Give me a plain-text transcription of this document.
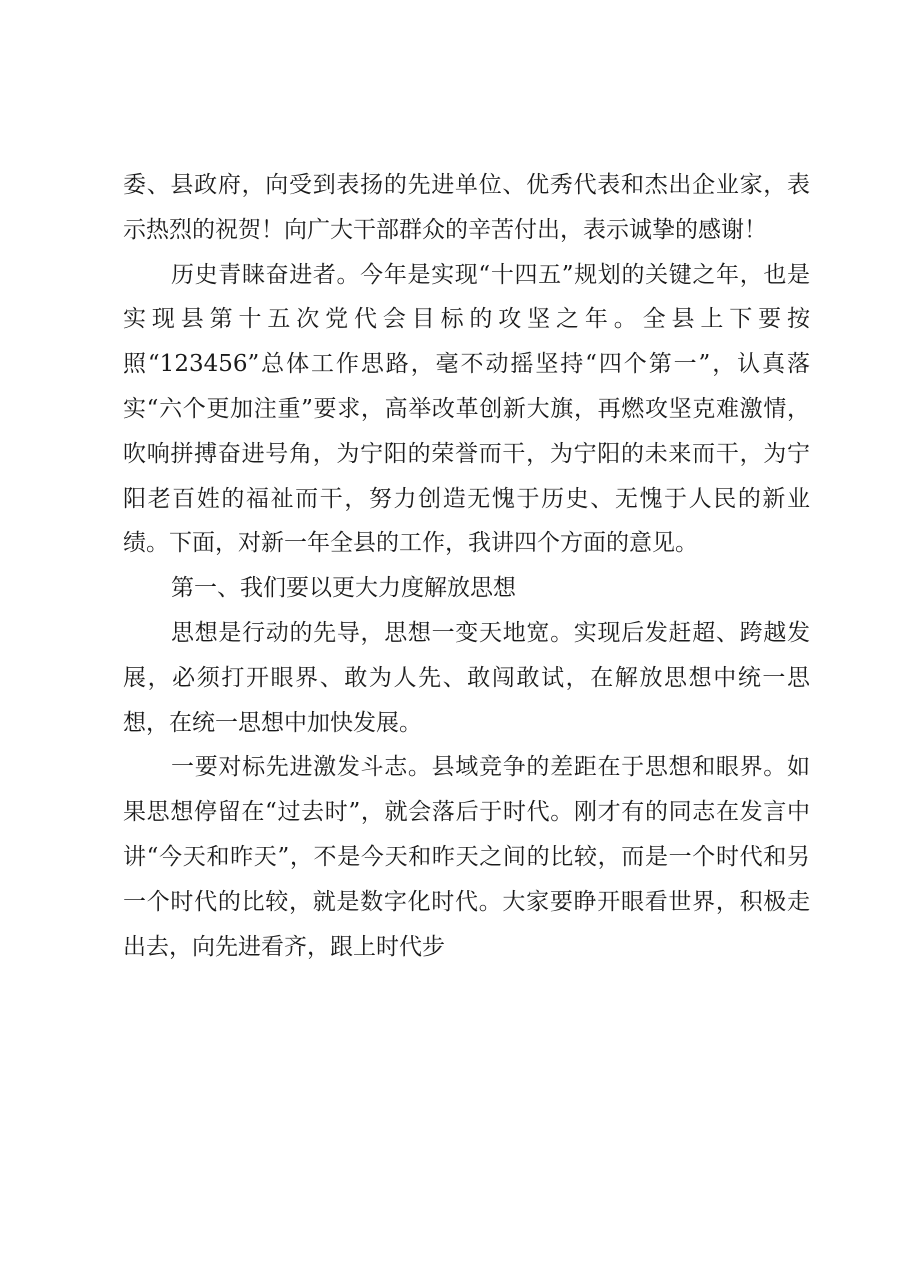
委、县政府，向受到表扬的先进单位、优秀代表和杰出企业家，表示热烈的祝贺！向广大干部群众的辛苦付出，表示诚挚的感谢！

历史青睐奋进者。今年是实现“十四五”规划的关键之年，也是实现县第十五次党代会目标的攻坚之年。全县上下要按照“123456”总体工作思路，毫不动摇坚持“四个第一”，认真落实“六个更加注重”要求，高举改革创新大旗，再燃攻坚克难激情，吹响拼搏奋进号角，为宁阳的荣誉而干，为宁阳的未来而干，为宁阳老百姓的福祉而干，努力创造无愧于历史、无愧于人民的新业绩。下面，对新一年全县的工作，我讲四个方面的意见。

第一、我们要以更大力度解放思想

思想是行动的先导，思想一变天地宽。实现后发赶超、跨越发展，必须打开眼界、敢为人先、敢闯敢试，在解放思想中统一思想，在统一思想中加快发展。

一要对标先进激发斗志。县域竞争的差距在于思想和眼界。如果思想停留在“过去时”，就会落后于时代。刚才有的同志在发言中讲“今天和昨天”，不是今天和昨天之间的比较，而是一个时代和另一个时代的比较，就是数字化时代。大家要睁开眼看世界，积极走出去，向先进看齐，跟上时代步
